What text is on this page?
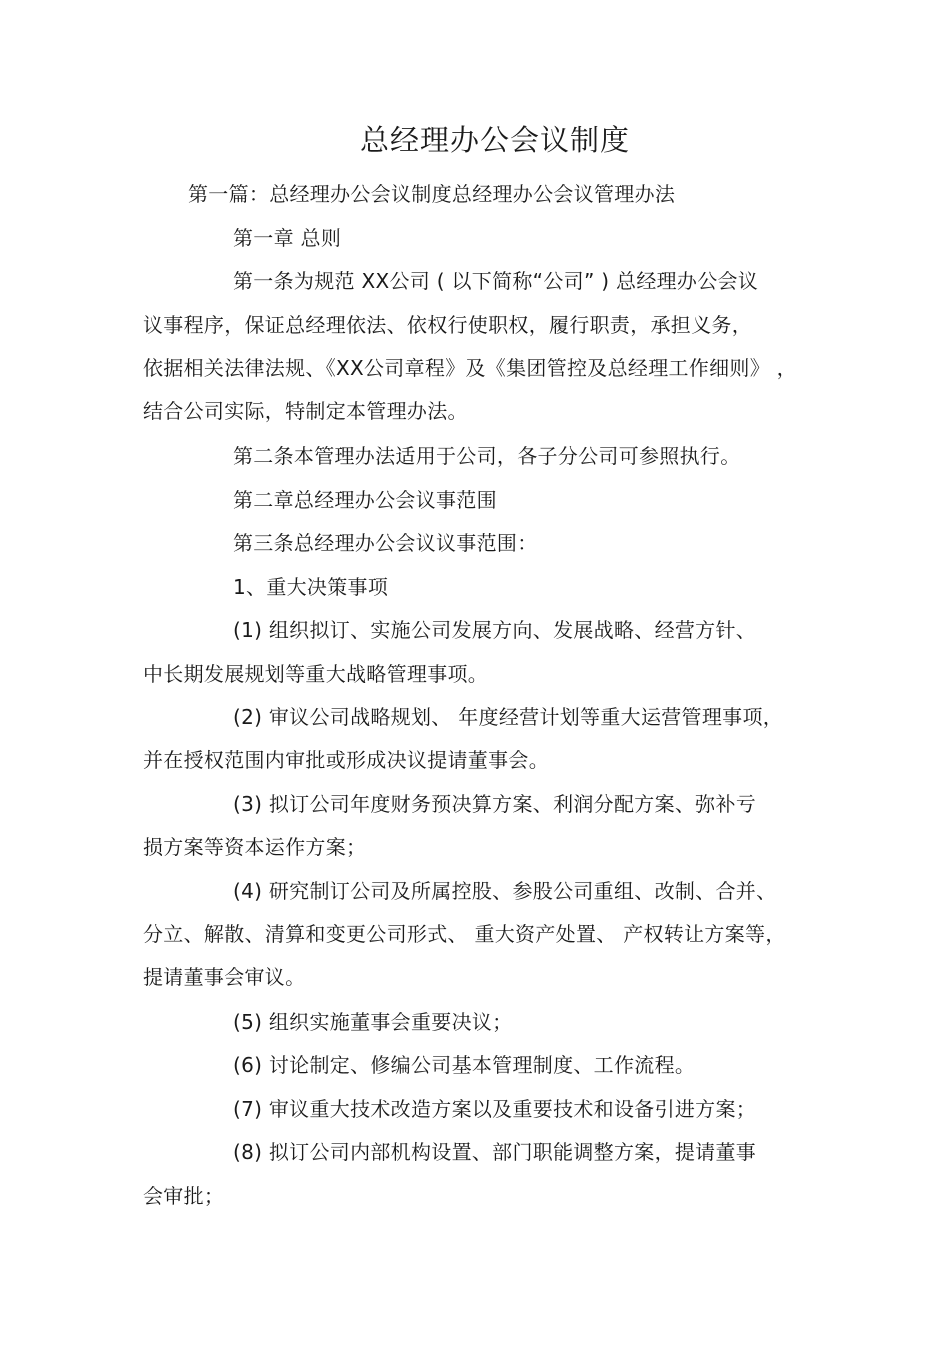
总经理办公会议制度
第一篇：总经理办公会议制度总经理办公会议管理办法
第一章 总则
第一条为规范 XX公司 ( 以下简称“公司” ) 总经理办公会议
议事程序，保证总经理依法、依权行使职权，履行职责，承担义务，
依据相关法律法规、《XX公司章程》及《集团管控及总经理工作细则》 ，
结合公司实际，特制定本管理办法。
第二条本管理办法适用于公司，各子分公司可参照执行。
第二章总经理办公会议事范围
第三条总经理办公会议议事范围：
1、重大决策事项
(1) 组织拟订、实施公司发展方向、发展战略、经营方针、
中长期发展规划等重大战略管理事项。
(2) 审议公司战略规划、 年度经营计划等重大运营管理事项，
并在授权范围内审批或形成决议提请董事会。
(3) 拟订公司年度财务预决算方案、利润分配方案、弥补亏
损方案等资本运作方案；
(4) 研究制订公司及所属控股、参股公司重组、改制、合并、
分立、解散、清算和变更公司形式、 重大资产处置、 产权转让方案等，
提请董事会审议。
(5) 组织实施董事会重要决议；
(6) 讨论制定、修编公司基本管理制度、工作流程。
(7) 审议重大技术改造方案以及重要技术和设备引进方案；
(8) 拟订公司内部机构设置、部门职能调整方案，提请董事
会审批；
